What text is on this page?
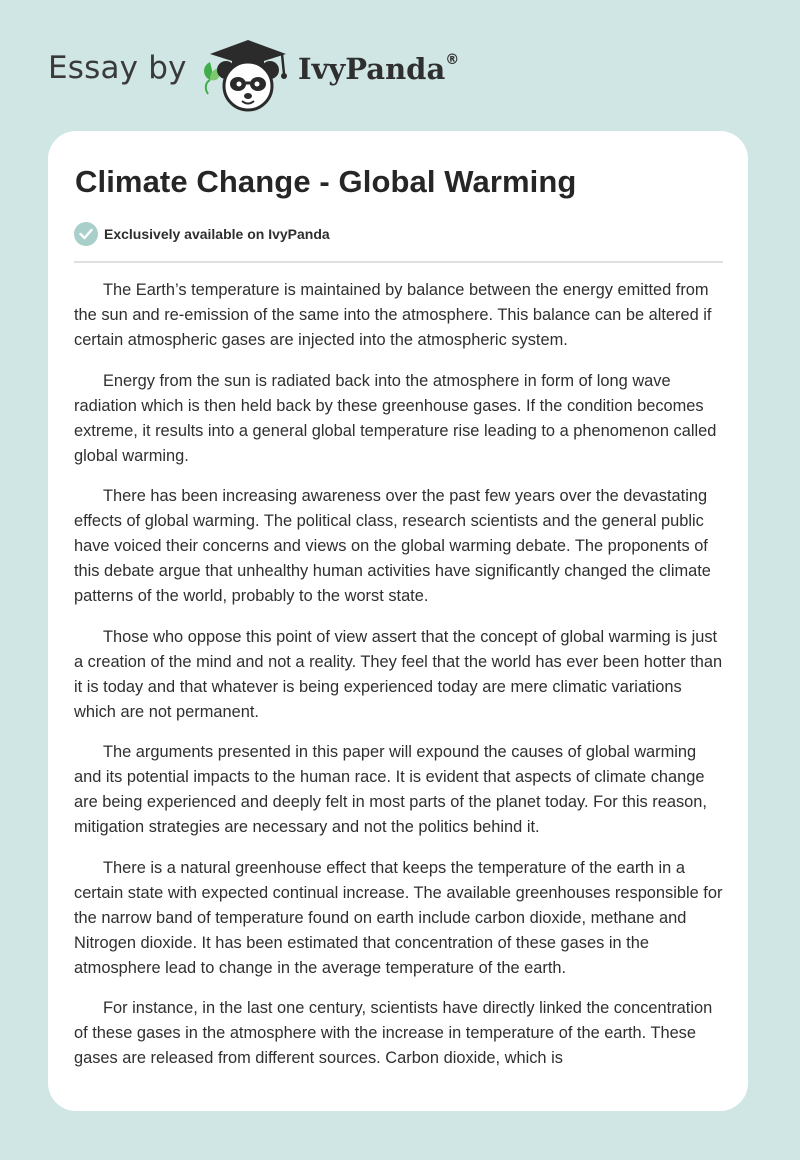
Essay by	IvyPanda®
Climate Change - Global Warming
Exclusively available on IvyPanda

The Earth’s temperature is maintained by balance between the energy emitted from the sun and re-emission of the same into the atmosphere. This balance can be altered if certain atmospheric gases are injected into the atmospheric system.

Energy from the sun is radiated back into the atmosphere in form of long wave radiation which is then held back by these greenhouse gases. If the condition becomes extreme, it results into a general global temperature rise leading to a phenomenon called global warming.

There has been increasing awareness over the past few years over the devastating effects of global warming. The political class, research scientists and the general public have voiced their concerns and views on the global warming debate. The proponents of this debate argue that unhealthy human activities have significantly changed the climate patterns of the world, probably to the worst state.

Those who oppose this point of view assert that the concept of global warming is just a creation of the mind and not a reality. They feel that the world has ever been hotter than it is today and that whatever is being experienced today are mere climatic variations which are not permanent.

The arguments presented in this paper will expound the causes of global warming and its potential impacts to the human race. It is evident that aspects of climate change are being experienced and deeply felt in most parts of the planet today. For this reason, mitigation strategies are necessary and not the politics behind it.

There is a natural greenhouse effect that keeps the temperature of the earth in a certain state with expected continual increase. The available greenhouses responsible for the narrow band of temperature found on earth include carbon dioxide, methane and Nitrogen dioxide. It has been estimated that concentration of these gases in the atmosphere lead to change in the average temperature of the earth.

For instance, in the last one century, scientists have directly linked the concentration of these gases in the atmosphere with the increase in temperature of the earth. These gases are released from different sources. Carbon dioxide, which is
